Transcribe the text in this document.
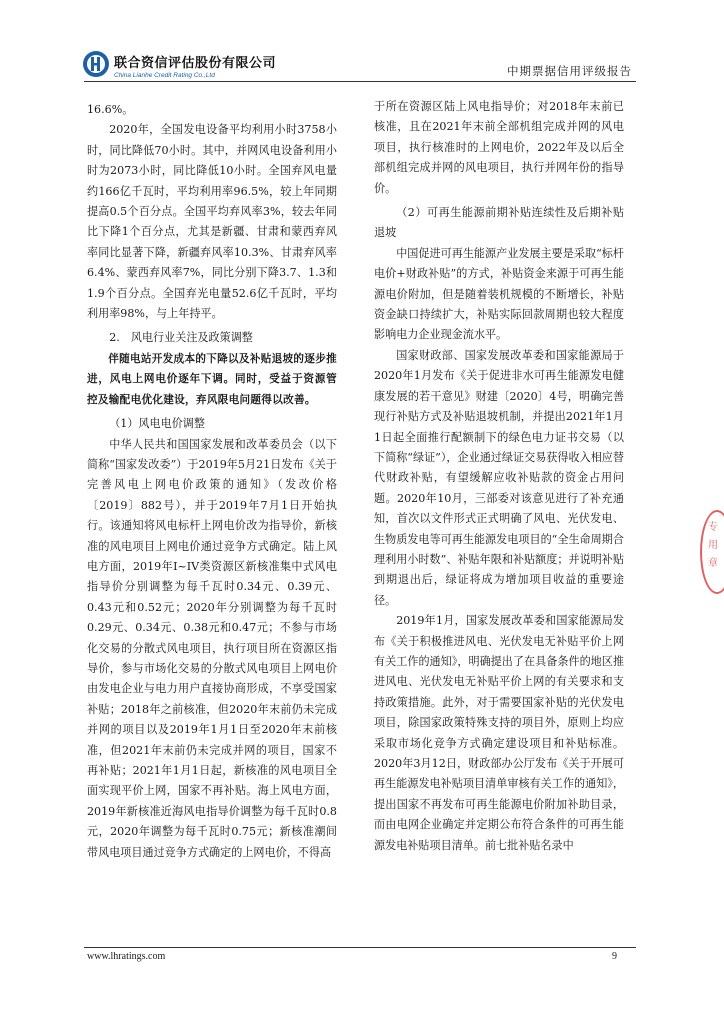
联合资信评估股份有限公司
China Lianhe Credit Rating Co.,Ltd	中期票据信用评级报告

16.6%。

2020年，全国发电设备平均利用小时3758小时，同比降低70小时。其中，并网风电设备利用小时为2073小时，同比降低10小时。全国弃风电量约166亿千瓦时，平均利用率96.5%，较上年同期提高0.5个百分点。全国平均弃风率3%，较去年同比下降1个百分点，尤其是新疆、甘肃和蒙西弃风率同比显著下降，新疆弃风率10.3%、甘肃弃风率6.4%、蒙西弃风率7%，同比分别下降3.7、1.3和1.9个百分点。全国弃光电量52.6亿千瓦时，平均利用率98%，与上年持平。

2.　风电行业关注及政策调整

伴随电站开发成本的下降以及补贴退坡的逐步推进，风电上网电价逐年下调。同时，受益于资源管控及输配电优化建设，弃风限电问题得以改善。

（1）风电电价调整

中华人民共和国国家发展和改革委员会（以下简称“国家发改委”）于2019年5月21日发布《关于完善风电上网电价政策的通知》（发改价格〔2019〕882号），并于2019年7月1日开始执行。该通知将风电标杆上网电价改为指导价，新核准的风电项目上网电价通过竞争方式确定。陆上风电方面，2019年I~IV类资源区新核准集中式风电指导价分别调整为每千瓦时0.34元、0.39元、0.43元和0.52元；2020年分别调整为每千瓦时0.29元、0.34元、0.38元和0.47元；不参与市场化交易的分散式风电项目，执行项目所在资源区指导价，参与市场化交易的分散式风电项目上网电价由发电企业与电力用户直接协商形成，不享受国家补贴；2018年之前核准，但2020年末前仍未完成并网的项目以及2019年1月1日至2020年末前核准，但2021年末前仍未完成并网的项目，国家不再补贴；2021年1月1日起，新核准的风电项目全面实现平价上网，国家不再补贴。海上风电方面，2019年新核准近海风电指导价调整为每千瓦时0.8元，2020年调整为每千瓦时0.75元；新核准潮间带风电项目通过竞争方式确定的上网电价，不得高

于所在资源区陆上风电指导价；对2018年末前已核准，且在2021年末前全部机组完成并网的风电项目，执行核准时的上网电价，2022年及以后全部机组完成并网的风电项目，执行并网年份的指导价。

（2）可再生能源前期补贴连续性及后期补贴退坡

中国促进可再生能源产业发展主要是采取“标杆电价+财政补贴”的方式，补贴资金来源于可再生能源电价附加，但是随着装机规模的不断增长，补贴资金缺口持续扩大，补贴实际回款周期也较大程度影响电力企业现金流水平。

国家财政部、国家发展改革委和国家能源局于2020年1月发布《关于促进非水可再生能源发电健康发展的若干意见》财建〔2020〕4号，明确完善现行补贴方式及补贴退坡机制，并提出2021年1月1日起全面推行配额制下的绿色电力证书交易（以下简称“绿证”），企业通过绿证交易获得收入相应替代财政补贴，有望缓解应收补贴款的资金占用问题。2020年10月，三部委对该意见进行了补充通知，首次以文件形式正式明确了风电、光伏发电、生物质发电等可再生能源发电项目的“全生命周期合理利用小时数”、补贴年限和补贴额度；并说明补贴到期退出后，绿证将成为增加项目收益的重要途径。

2019年1月，国家发展改革委和国家能源局发布《关于积极推进风电、光伏发电无补贴平价上网有关工作的通知》，明确提出了在具备条件的地区推进风电、光伏发电无补贴平价上网的有关要求和支持政策措施。此外，对于需要国家补贴的光伏发电项目，除国家政策特殊支持的项目外，原则上均应采取市场化竞争方式确定建设项目和补贴标准。2020年3月12日，财政部办公厅发布《关于开展可再生能源发电补贴项目清单审核有关工作的通知》，提出国家不再发布可再生能源电价附加补助目录，而由电网企业确定并定期公布符合条件的可再生能源发电补贴项目清单。前七批补贴名录中

专
用
章
www.lhratings.com	9
